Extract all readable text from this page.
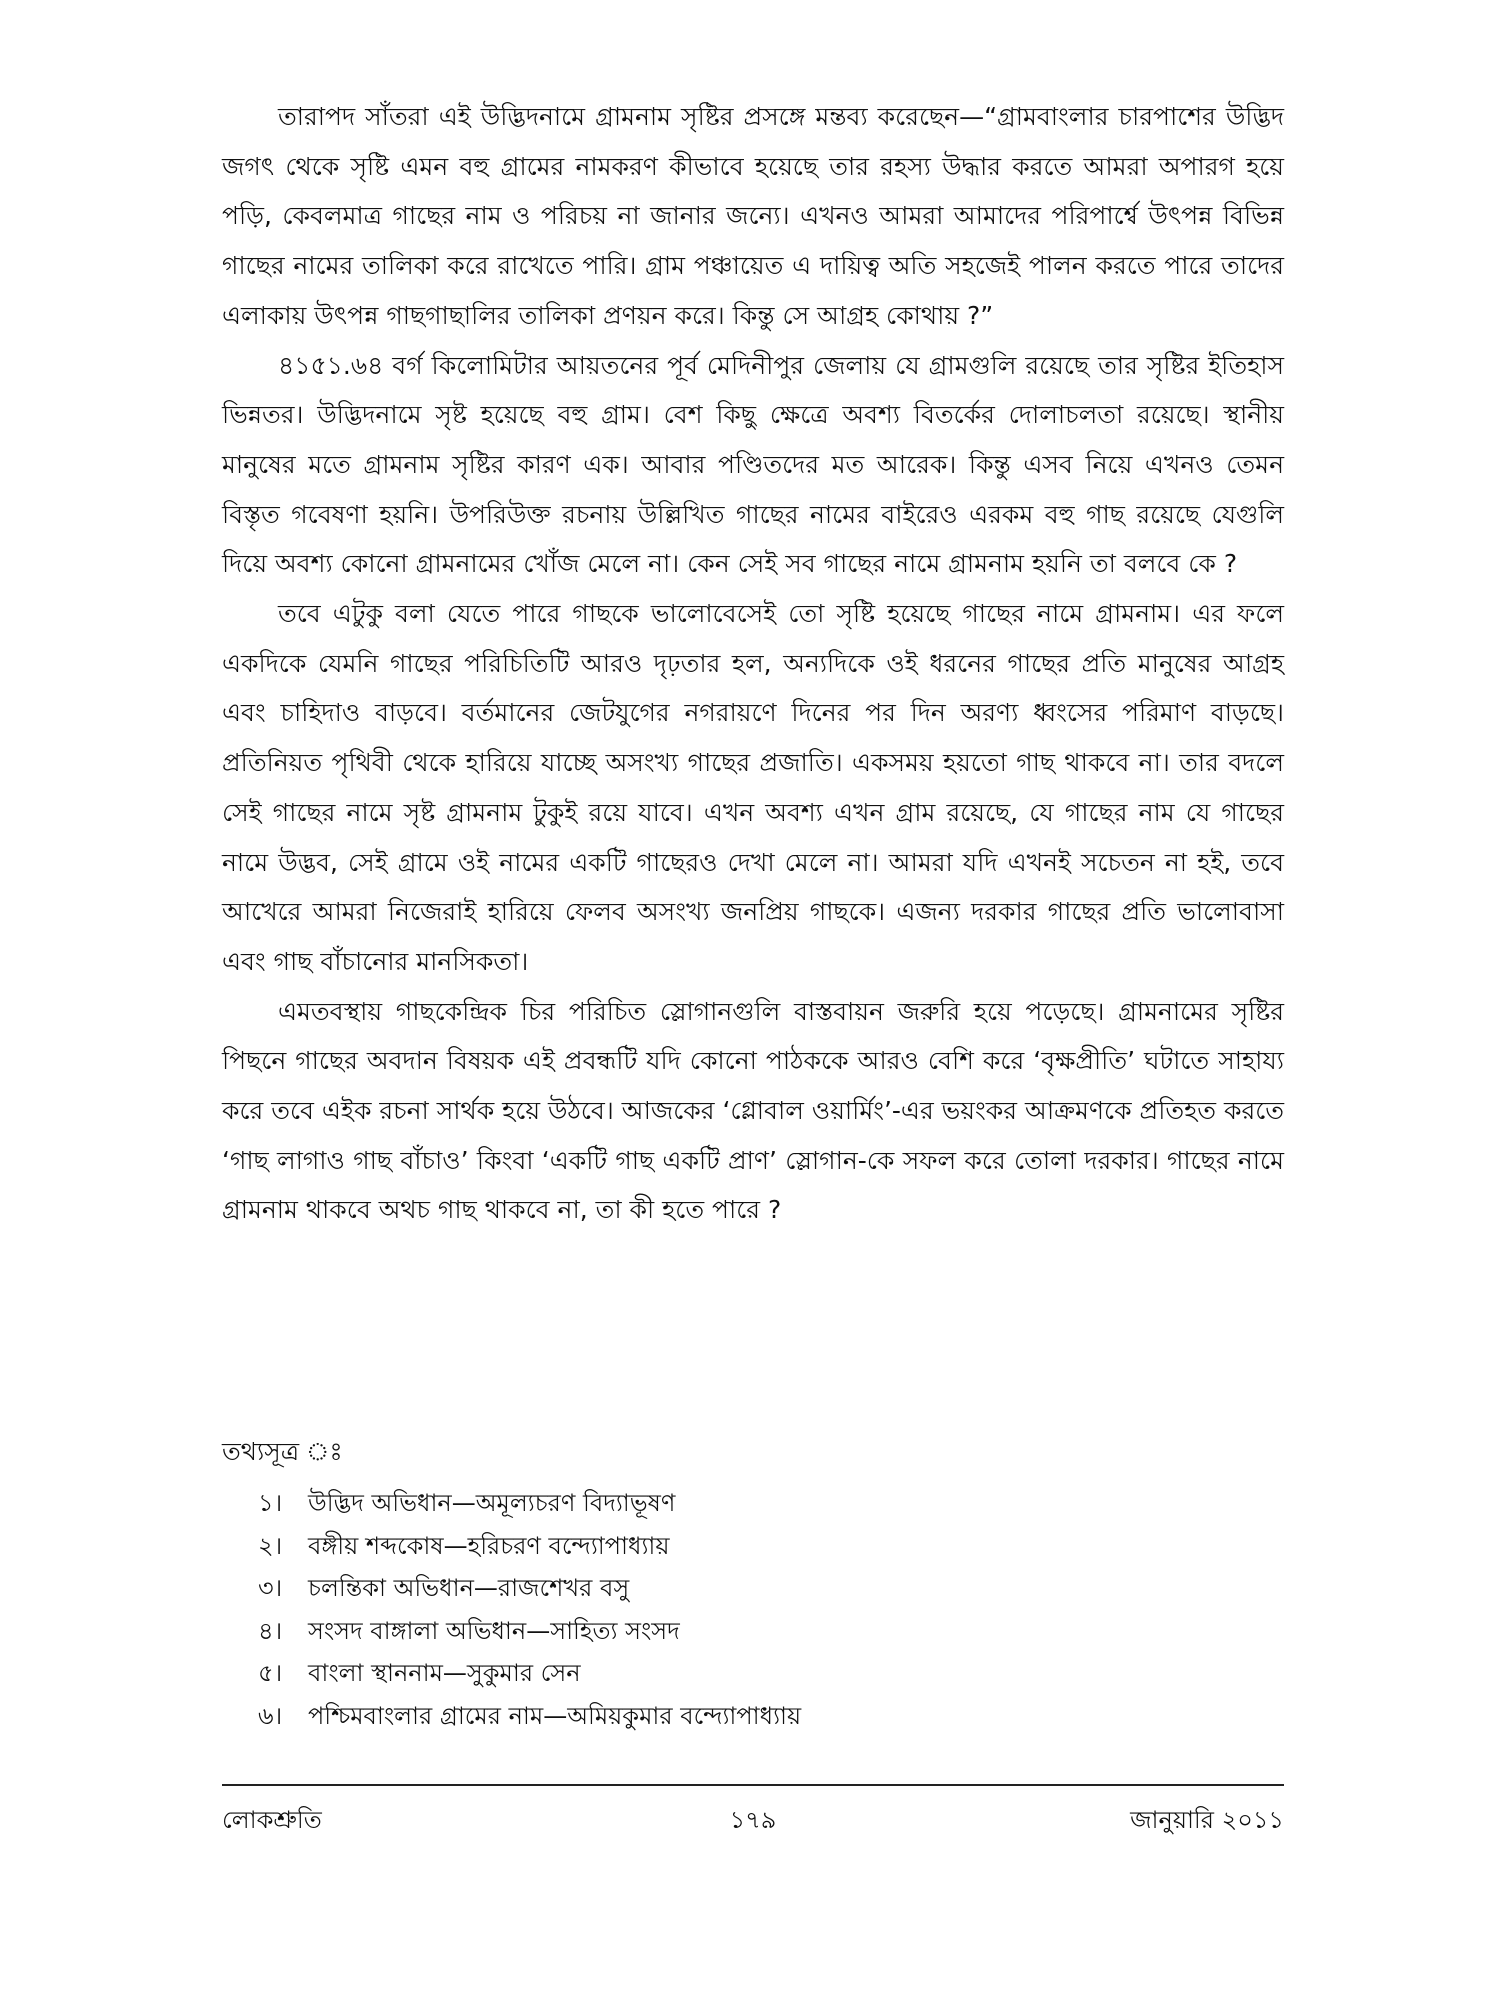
তারাপদ সাঁতরা এই উদ্ভিদনামে গ্রামনাম সৃষ্টির প্রসঙ্গে মন্তব্য করেছেন—“গ্রামবাংলার চারপাশের উদ্ভিদ জগৎ থেকে সৃষ্টি এমন বহু গ্রামের নামকরণ কীভাবে হয়েছে তার রহস্য উদ্ধার করতে আমরা অপারগ হয়ে পড়ি, কেবলমাত্র গাছের নাম ও পরিচয় না জানার জন্যে। এখনও আমরা আমাদের পরিপার্শ্বে উৎপন্ন বিভিন্ন গাছের নামের তালিকা করে রাখেতে পারি। গ্রাম পঞ্চায়েত এ দায়িত্ব অতি সহজেই পালন করতে পারে তাদের এলাকায় উৎপন্ন গাছগাছালির তালিকা প্রণয়ন করে। কিন্তু সে আগ্রহ কোথায় ?”

৪১৫১.৬৪ বর্গ কিলোমিটার আয়তনের পূর্ব মেদিনীপুর জেলায় যে গ্রামগুলি রয়েছে তার সৃষ্টির ইতিহাস ভিন্নতর। উদ্ভিদনামে সৃষ্ট হয়েছে বহু গ্রাম। বেশ কিছু ক্ষেত্রে অবশ্য বিতর্কের দোলাচলতা রয়েছে। স্থানীয় মানুষের মতে গ্রামনাম সৃষ্টির কারণ এক। আবার পণ্ডিতদের মত আরেক। কিন্তু এসব নিয়ে এখনও তেমন বিস্তৃত গবেষণা হয়নি। উপরিউক্ত রচনায় উল্লিখিত গাছের নামের বাইরেও এরকম বহু গাছ রয়েছে যেগুলি দিয়ে অবশ্য কোনো গ্রামনামের খোঁজ মেলে না। কেন সেই সব গাছের নামে গ্রামনাম হয়নি তা বলবে কে ?

তবে এটুকু বলা যেতে পারে গাছকে ভালোবেসেই তো সৃষ্টি হয়েছে গাছের নামে গ্রামনাম। এর ফলে একদিকে যেমনি গাছের পরিচিতিটি আরও দৃঢ়তার হল, অন্যদিকে ওই ধরনের গাছের প্রতি মানুষের আগ্রহ এবং চাহিদাও বাড়বে। বর্তমানের জেটযুগের নগরায়ণে দিনের পর দিন অরণ্য ধ্বংসের পরিমাণ বাড়ছে। প্রতিনিয়ত পৃথিবী থেকে হারিয়ে যাচ্ছে অসংখ্য গাছের প্রজাতি। একসময় হয়তো গাছ থাকবে না। তার বদলে সেই গাছের নামে সৃষ্ট গ্রামনাম টুকুই রয়ে যাবে। এখন অবশ্য এখন গ্রাম রয়েছে, যে গাছের নাম যে গাছের নামে উদ্ভব, সেই গ্রামে ওই নামের একটি গাছেরও দেখা মেলে না। আমরা যদি এখনই সচেতন না হই, তবে আখেরে আমরা নিজেরাই হারিয়ে ফেলব অসংখ্য জনপ্রিয় গাছকে। এজন্য দরকার গাছের প্রতি ভালোবাসা এবং গাছ বাঁচানোর মানসিকতা।

এমতবস্থায় গাছকেন্দ্রিক চির পরিচিত স্লোগানগুলি বাস্তবায়ন জরুরি হয়ে পড়েছে। গ্রামনামের সৃষ্টির পিছনে গাছের অবদান বিষয়ক এই প্রবন্ধটি যদি কোনো পাঠককে আরও বেশি করে ‘বৃক্ষপ্রীতি’ ঘটাতে সাহায্য করে তবে এইক রচনা সার্থক হয়ে উঠবে। আজকের ‘গ্লোবাল ওয়ার্মিং’-এর ভয়ংকর আক্রমণকে প্রতিহত করতে ‘গাছ লাগাও গাছ বাঁচাও’ কিংবা ‘একটি গাছ একটি প্রাণ’ স্লোগান-কে সফল করে তোলা দরকার। গাছের নামে গ্রামনাম থাকবে অথচ গাছ থাকবে না, তা কী হতে পারে ?

তথ্যসূত্র ঃ
১। উদ্ভিদ অভিধান—অমূল্যচরণ বিদ্যাভূষণ
২। বঙ্গীয় শব্দকোষ—হরিচরণ বন্দ্যোপাধ্যায়
৩। চলন্তিকা অভিধান—রাজশেখর বসু
৪। সংসদ বাঙ্গালা অভিধান—সাহিত্য সংসদ
৫। বাংলা স্থাননাম—সুকুমার সেন
৬। পশ্চিমবাংলার গ্রামের নাম—অমিয়কুমার বন্দ্যোপাধ্যায়
১৭৯
লোকশ্রুতি	জানুয়ারি ২০১১
